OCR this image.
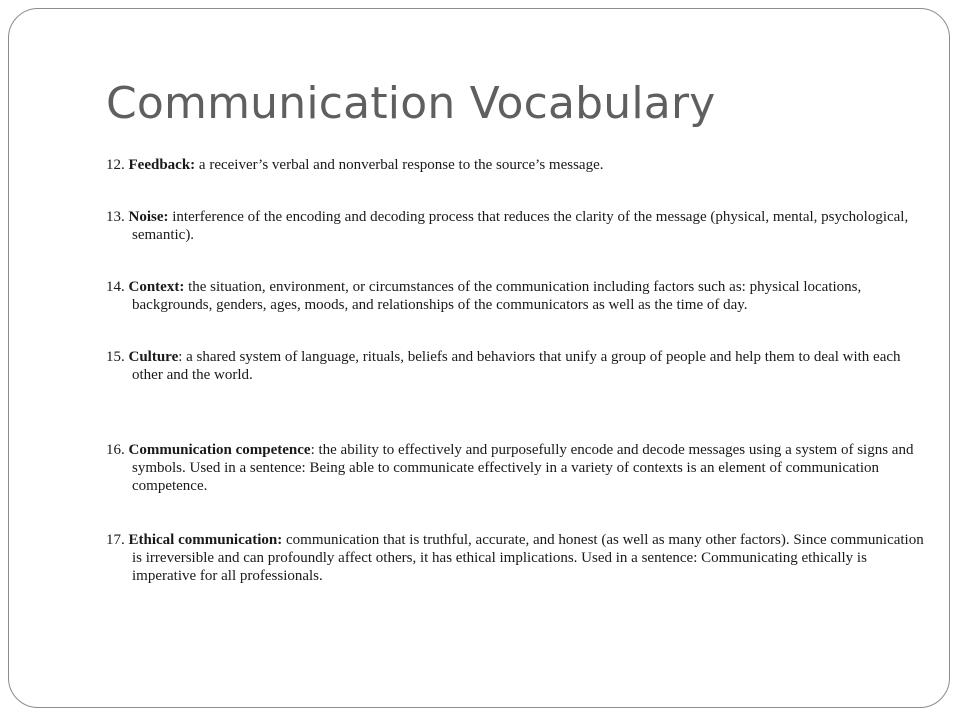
Communication Vocabulary

12. Feedback: a receiver’s verbal and nonverbal response to the source’s message.

13. Noise: interference of the encoding and decoding process that reduces the clarity of the message (physical, mental, psychological, semantic).

14. Context: the situation, environment, or circumstances of the communication including factors such as: physical locations, backgrounds, genders, ages, moods, and relationships of the communicators as well as the time of day.

15. Culture: a shared system of language, rituals, beliefs and behaviors that unify a group of people and help them to deal with each other and the world.

16. Communication competence: the ability to effectively and purposefully encode and decode messages using a system of signs and symbols. Used in a sentence: Being able to communicate effectively in a variety of contexts is an element of communication competence.

17. Ethical communication: communication that is truthful, accurate, and honest (as well as many other factors). Since communication is irreversible and can profoundly affect others, it has ethical implications. Used in a sentence: Communicating ethically is imperative for all professionals.
